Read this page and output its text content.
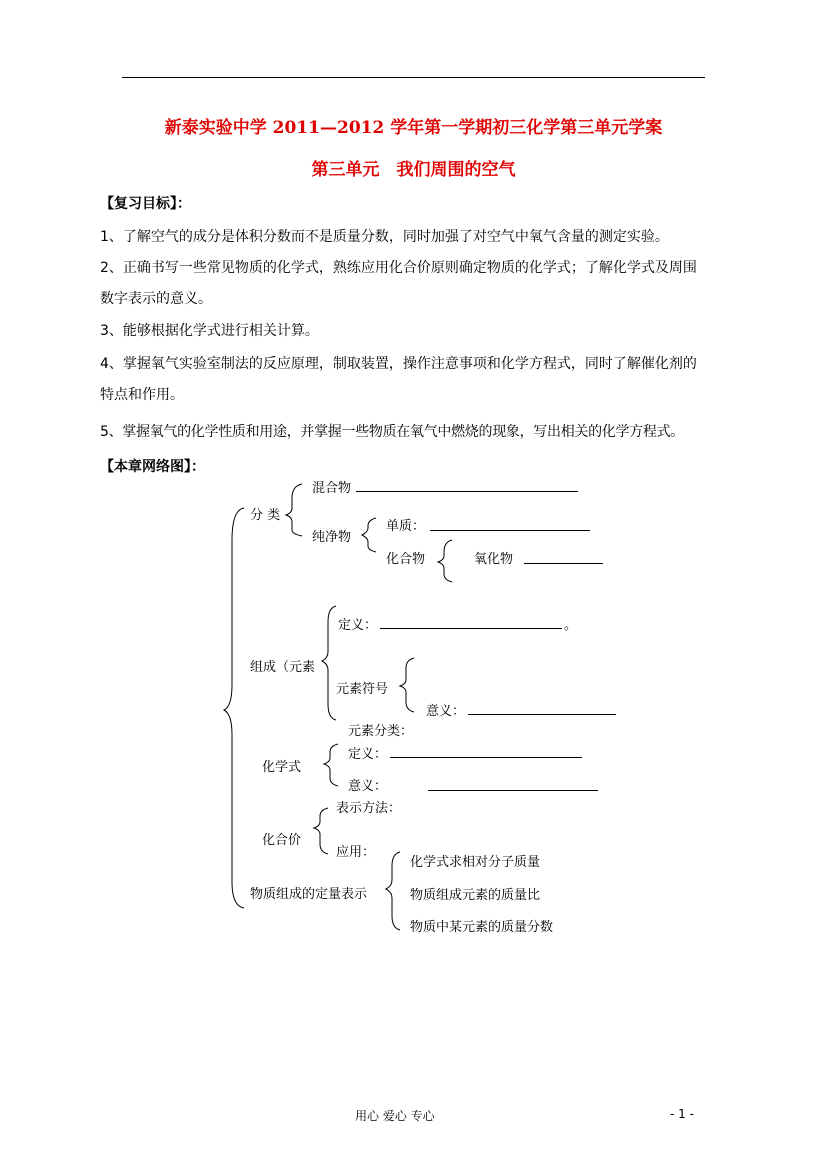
新泰实验中学 2011—2012 学年第一学期初三化学第三单元学案
第三单元　我们周围的空气
【复习目标】：
1、了解空气的成分是体积分数而不是质量分数，同时加强了对空气中氧气含量的测定实验。
2、正确书写一些常见物质的化学式，熟练应用化合价原则确定物质的化学式；了解化学式及周围数字表示的意义。
3、能够根据化学式进行相关计算。
4、掌握氧气实验室制法的反应原理，制取装置，操作注意事项和化学方程式，同时了解催化剂的特点和作用。
5、掌握氧气的化学性质和用途，并掌握一些物质在氧气中燃烧的现象，写出相关的化学方程式。
【本章网络图】：
分 类
混合物
纯净物
单质：
化合物	氧化物
定义：	。
组成（元素
元素符号
意义：
元素分类：
化学式
定义：
意义：
化合价
表示方法：
应用：
物质组成的定量表示
化学式求相对分子质量
物质组成元素的质量比
物质中某元素的质量分数
用心 爱心 专心	- 1 -
